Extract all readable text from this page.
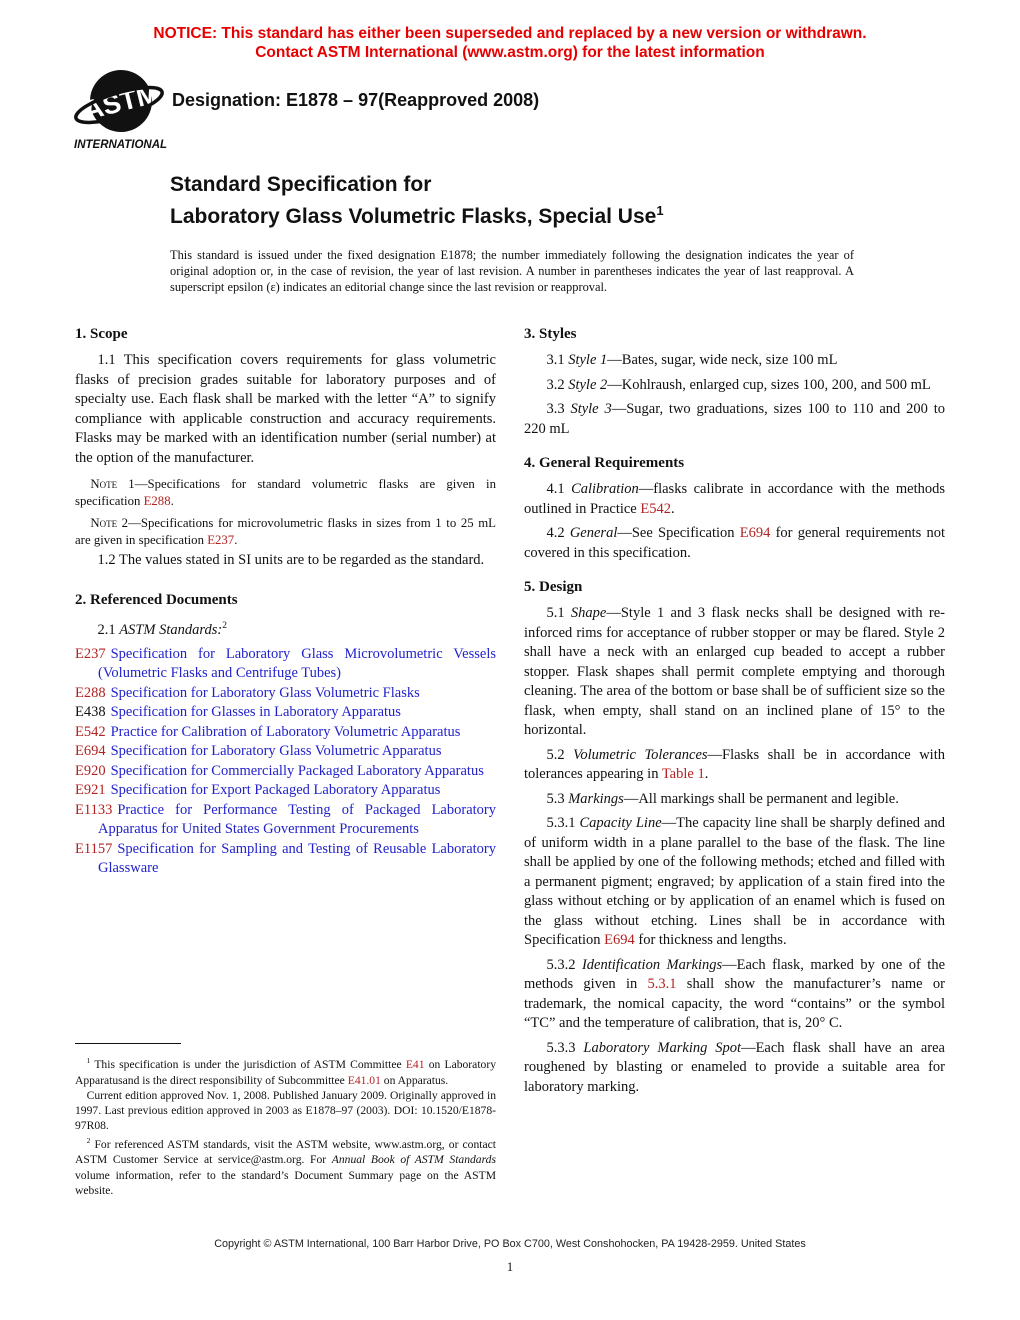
NOTICE: This standard has either been superseded and replaced by a new version or withdrawn.
Contact ASTM International (www.astm.org) for the latest information
ASTM
INTERNATIONAL
Designation: E1878 – 97(Reapproved 2008)
Standard Specification for
Laboratory Glass Volumetric Flasks, Special Use$^1$
This standard is issued under the fixed designation E1878; the number immediately following the designation indicates the year of original adoption or, in the case of revision, the year of last revision. A number in parentheses indicates the year of last reapproval. A superscript epsilon (ε) indicates an editorial change since the last revision or reapproval.
1. Scope

1.1 This specification covers requirements for glass volumetric flasks of precision grades suitable for laboratory purposes and of specialty use. Each flask shall be marked with the letter “A” to signify compliance with applicable construction and accuracy requirements. Flasks may be marked with an identification number (serial number) at the option of the manufacturer.

Note 1—Specifications for standard volumetric flasks are given in specification E288.

Note 2—Specifications for microvolumetric flasks in sizes from 1 to 25 mL are given in specification E237.

1.2 The values stated in SI units are to be regarded as the standard.

2. Referenced Documents

2.1 ASTM Standards:$^2$

E237 Specification for Laboratory Glass Microvolumetric Vessels (Volumetric Flasks and Centrifuge Tubes)

E288 Specification for Laboratory Glass Volumetric Flasks

E438 Specification for Glasses in Laboratory Apparatus

E542 Practice for Calibration of Laboratory Volumetric Apparatus

E694 Specification for Laboratory Glass Volumetric Apparatus

E920 Specification for Commercially Packaged Laboratory Apparatus

E921 Specification for Export Packaged Laboratory Apparatus

E1133 Practice for Performance Testing of Packaged Laboratory Apparatus for United States Government Procurements

E1157 Specification for Sampling and Testing of Reusable Laboratory Glassware

$^1$ This specification is under the jurisdiction of ASTM Committee E41 on Laboratory Apparatusand is the direct responsibility of Subcommittee E41.01 on Apparatus.

Current edition approved Nov. 1, 2008. Published January 2009. Originally approved in 1997. Last previous edition approved in 2003 as E1878–97 (2003). DOI: 10.1520/E1878-97R08.

$^2$ For referenced ASTM standards, visit the ASTM website, www.astm.org, or contact ASTM Customer Service at service@astm.org. For Annual Book of ASTM Standards volume information, refer to the standard’s Document Summary page on the ASTM website.

3. Styles

3.1 Style 1—Bates, sugar, wide neck, size 100 mL

3.2 Style 2—Kohlraush, enlarged cup, sizes 100, 200, and 500 mL

3.3 Style 3—Sugar, two graduations, sizes 100 to 110 and 200 to 220 mL

4. General Requirements

4.1 Calibration—flasks calibrate in accordance with the methods outlined in Practice E542.

4.2 General—See Specification E694 for general requirements not covered in this specification.

5. Design

5.1 Shape—Style 1 and 3 flask necks shall be designed with re-inforced rims for acceptance of rubber stopper or may be flared. Style 2 shall have a neck with an enlarged cup beaded to accept a rubber stopper. Flask shapes shall permit complete emptying and thorough cleaning. The area of the bottom or base shall be of sufficient size so the flask, when empty, shall stand on an inclined plane of 15° to the horizontal.

5.2 Volumetric Tolerances—Flasks shall be in accordance with tolerances appearing in Table 1.

5.3 Markings—All markings shall be permanent and legible.

5.3.1 Capacity Line—The capacity line shall be sharply defined and of uniform width in a plane parallel to the base of the flask. The line shall be applied by one of the following methods; etched and filled with a permanent pigment; engraved; by application of a stain fired into the glass without etching or by application of an enamel which is fused on the glass without etching. Lines shall be in accordance with Specification E694 for thickness and lengths.

5.3.2 Identification Markings—Each flask, marked by one of the methods given in 5.3.1 shall show the manufacturer’s name or trademark, the nomical capacity, the word “contains” or the symbol “TC” and the temperature of calibration, that is, 20° C.

5.3.3 Laboratory Marking Spot—Each flask shall have an area roughened by blasting or enameled to provide a suitable area for laboratory marking.

Copyright © ASTM International, 100 Barr Harbor Drive, PO Box C700, West Conshohocken, PA 19428-2959. United States
1
